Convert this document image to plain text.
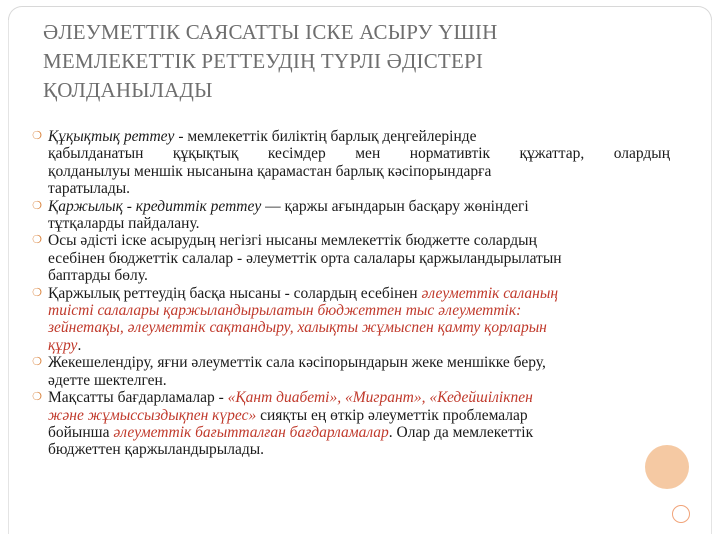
ӘЛЕУМЕТТІК САЯСАТТЫ ІСКЕ АСЫРУ ҮШІН
МЕМЛЕКЕТТІК РЕТТЕУДІҢ ТҮРЛІ ӘДІСТЕРІ
ҚОЛДАНЫЛАДЫ
❍ Құқықтық реттеу - мемлекеттік биліктің барлық деңгейлерінде
қабылданатын құқықтық кесімдер мен нормативтік құжаттар, олардың
қолданылуы меншік нысанына қарамастан барлық кәсіпорындарға
таратылады.
❍ Қаржылық - кредиттік реттеу — қаржы ағындарын басқару жөніндегі
тұтқаларды пайдалану.
❍ Осы әдісті іске асырудың негізгі нысаны мемлекеттік бюджетте солардың
есебінен бюджеттік салалар - әлеуметтік орта салалары қаржыландырылатын
баптарды бөлу.
❍ Қаржылық реттеудің басқа нысаны - солардың есебінен әлеуметтік саланың
тиісті салалары қаржыландырылатын бюджеттен тыс әлеуметтік:
зейнетақы, әлеуметтік сақтандыру, халықты жұмыспен қамту қорларын
құру.
❍ Жекешелендіру, яғни әлеуметтік сала кәсіпорындарын жеке меншікке беру,
әдетте шектелген.
❍ Мақсатты бағдарламалар - «Қант диабеті», «Мигрант», «Кедейшілікпен
және жұмыссыздықпен күрес» сияқты ең өткір әлеуметтік проблемалар
бойынша әлеуметтік бағытталған бағдарламалар. Олар да мемлекеттік
бюджеттен қаржыландырылады.
